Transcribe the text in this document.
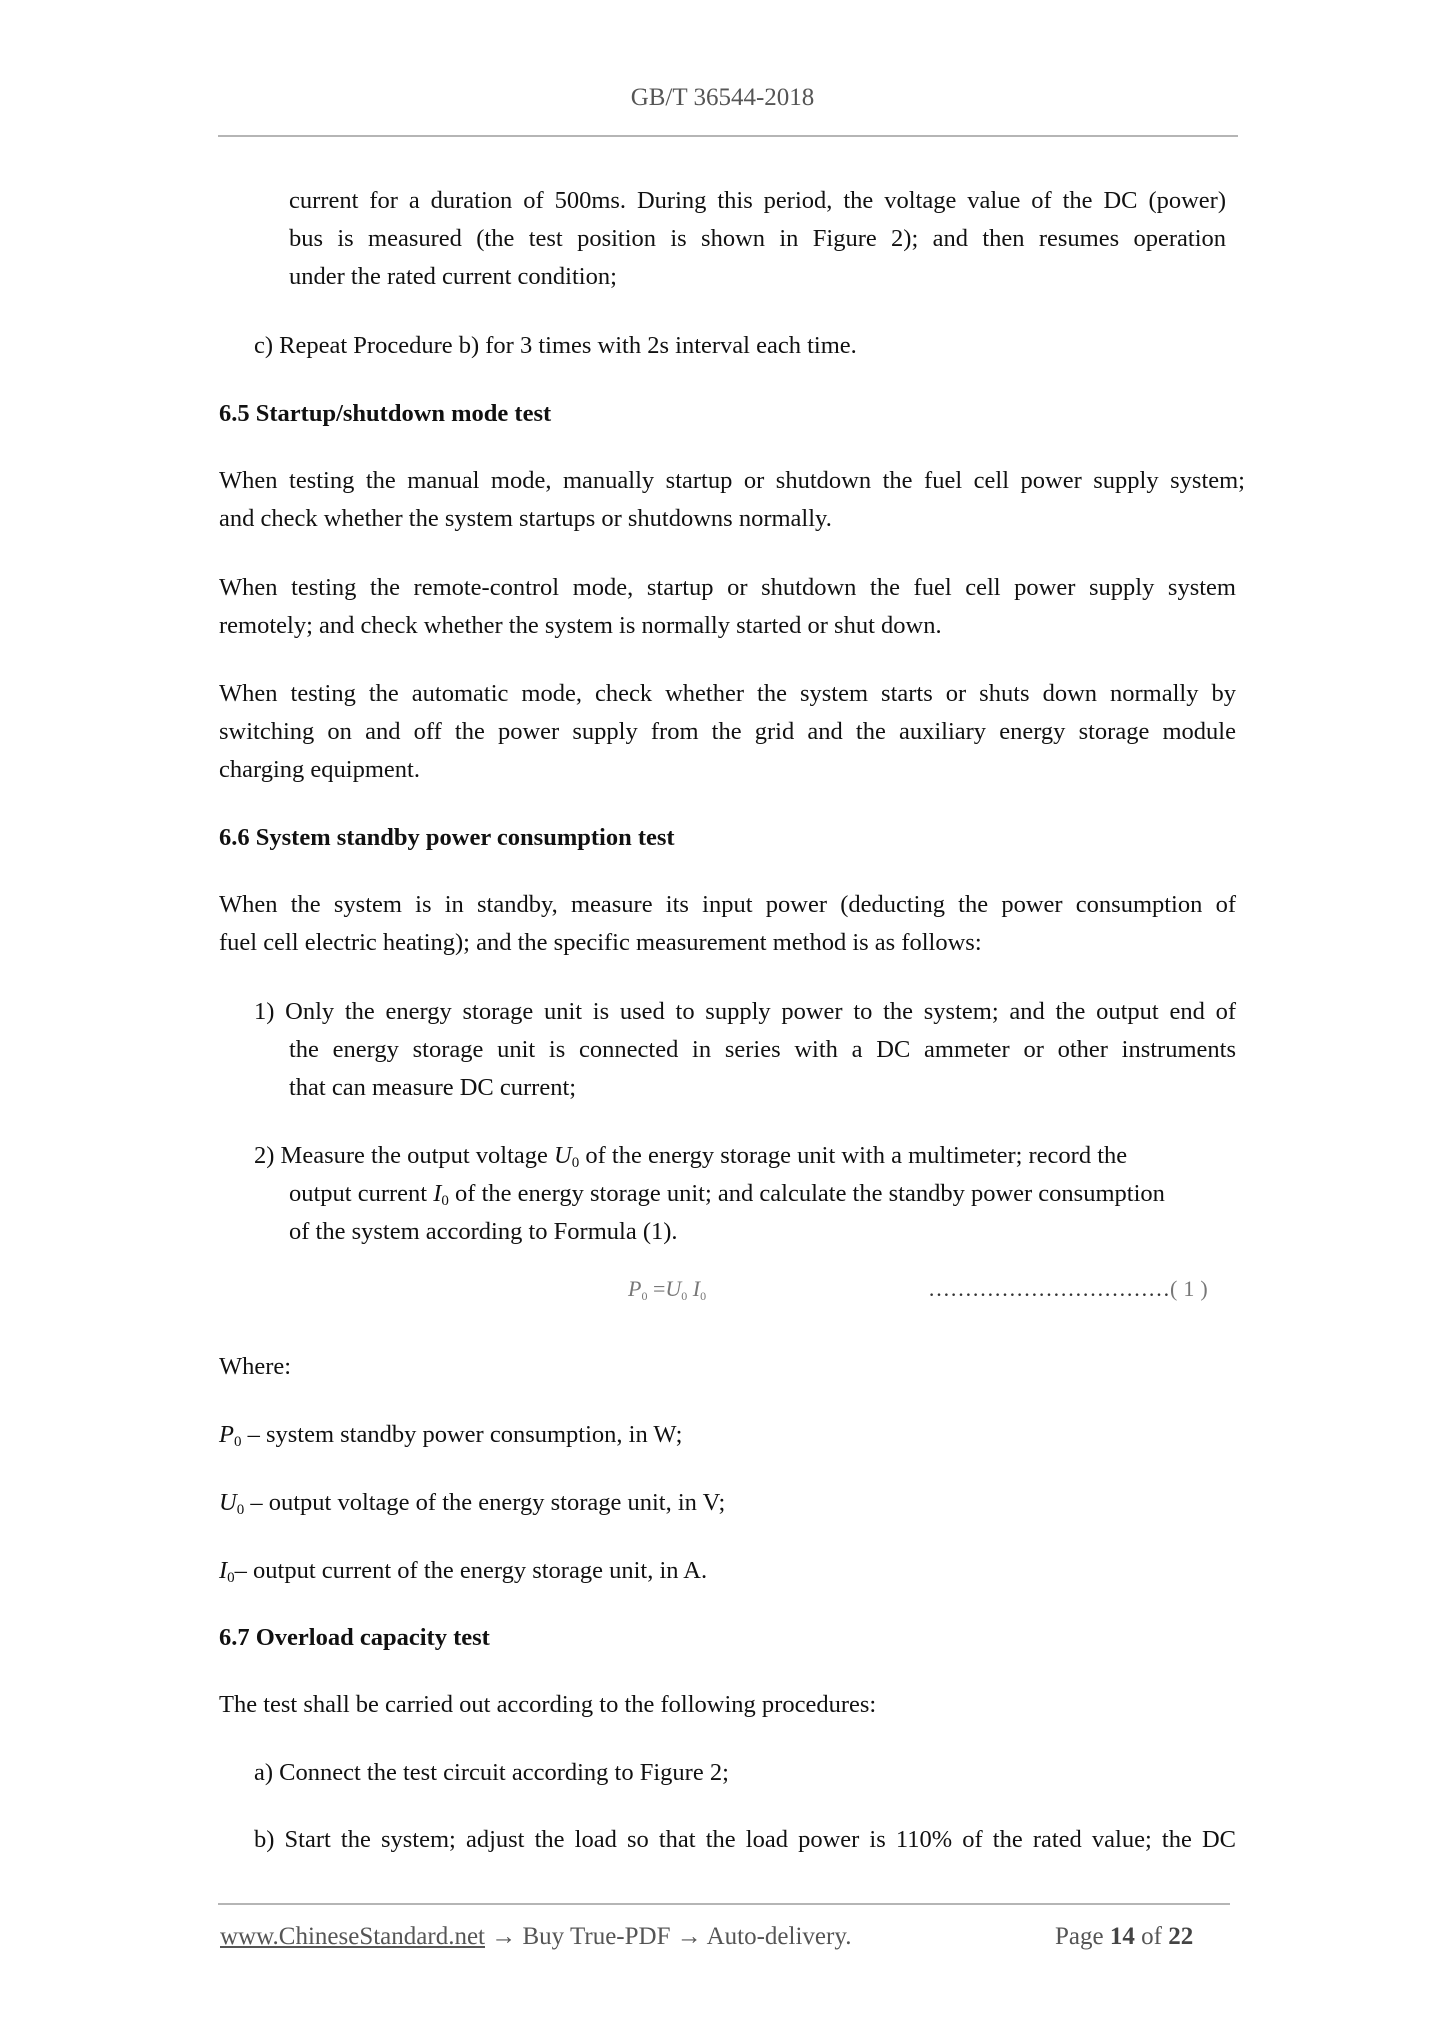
GB/T 36544-2018
current for a duration of 500ms. During this period, the voltage value of the DC (power)
bus is measured (the test position is shown in Figure 2); and then resumes operation
under the rated current condition;
c) Repeat Procedure b) for 3 times with 2s interval each time.
6.5 Startup/shutdown mode test
When testing the manual mode, manually startup or shutdown the fuel cell power supply system;
and check whether the system startups or shutdowns normally.
When testing the remote-control mode, startup or shutdown the fuel cell power supply system
remotely; and check whether the system is normally started or shut down.
When testing the automatic mode, check whether the system starts or shuts down normally by
switching on and off the power supply from the grid and the auxiliary energy storage module
charging equipment.
6.6 System standby power consumption test
When the system is in standby, measure its input power (deducting the power consumption of
fuel cell electric heating); and the specific measurement method is as follows:
1) Only the energy storage unit is used to supply power to the system; and the output end of
the energy storage unit is connected in series with a DC ammeter or other instruments
that can measure DC current;
2) Measure the output voltage $U_0$ of the energy storage unit with a multimeter; record the
output current $I_0$ of the energy storage unit; and calculate the standby power consumption
of the system according to Formula (1).
$P_0 =U_0$ $I_0$	……………………………(1)
Where:
$P_0$ – system standby power consumption, in W;
$U_0$ – output voltage of the energy storage unit, in V;
$I_0-$ output current of the energy storage unit, in A.
6.7 Overload capacity test
The test shall be carried out according to the following procedures:
a) Connect the test circuit according to Figure 2;
b) Start the system; adjust the load so that the load power is 110% of the rated value; the DC
www.ChineseStandard.net → Buy True-PDF → Auto-delivery.	Page 14 of 22
